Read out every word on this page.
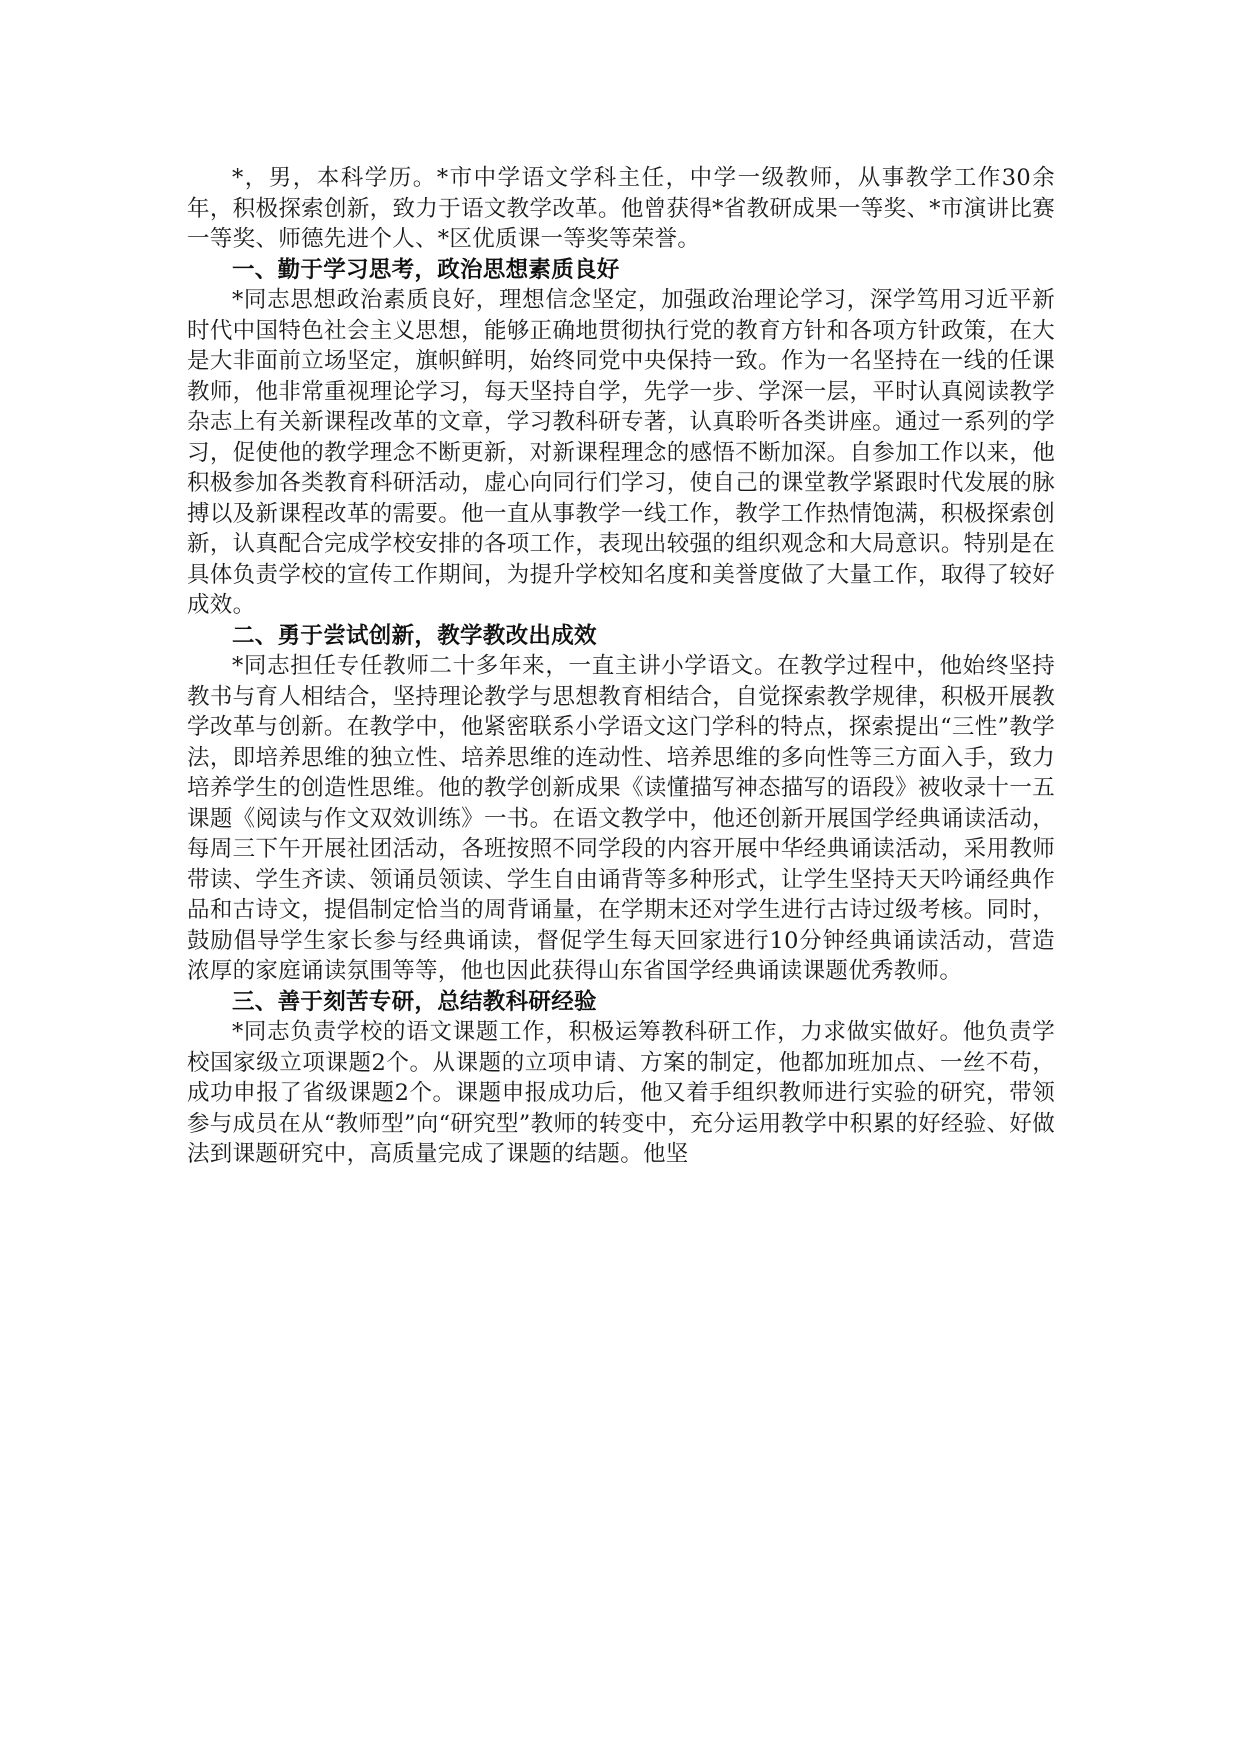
*，男，本科学历。*市中学语文学科主任，中学一级教师，从事教学工作30余年，积极探索创新，致力于语文教学改革。他曾获得*省教研成果一等奖、*市演讲比赛一等奖、师德先进个人、*区优质课一等奖等荣誉。

一、勤于学习思考，政治思想素质良好

*同志思想政治素质良好，理想信念坚定，加强政治理论学习，深学笃用习近平新时代中国特色社会主义思想，能够正确地贯彻执行党的教育方针和各项方针政策，在大是大非面前立场坚定，旗帜鲜明，始终同党中央保持一致。作为一名坚持在一线的任课教师，他非常重视理论学习，每天坚持自学，先学一步、学深一层，平时认真阅读教学杂志上有关新课程改革的文章，学习教科研专著，认真聆听各类讲座。通过一系列的学习，促使他的教学理念不断更新，对新课程理念的感悟不断加深。自参加工作以来，他积极参加各类教育科研活动，虚心向同行们学习，使自己的课堂教学紧跟时代发展的脉搏以及新课程改革的需要。他一直从事教学一线工作，教学工作热情饱满，积极探索创新，认真配合完成学校安排的各项工作，表现出较强的组织观念和大局意识。特别是在具体负责学校的宣传工作期间，为提升学校知名度和美誉度做了大量工作，取得了较好成效。

二、勇于尝试创新，教学教改出成效

*同志担任专任教师二十多年来，一直主讲小学语文。在教学过程中，他始终坚持教书与育人相结合，坚持理论教学与思想教育相结合，自觉探索教学规律，积极开展教学改革与创新。在教学中，他紧密联系小学语文这门学科的特点，探索提出“三性”教学法，即培养思维的独立性、培养思维的连动性、培养思维的多向性等三方面入手，致力培养学生的创造性思维。他的教学创新成果《读懂描写神态描写的语段》被收录十一五课题《阅读与作文双效训练》一书。在语文教学中，他还创新开展国学经典诵读活动，每周三下午开展社团活动，各班按照不同学段的内容开展中华经典诵读活动，采用教师带读、学生齐读、领诵员领读、学生自由诵背等多种形式，让学生坚持天天吟诵经典作品和古诗文，提倡制定恰当的周背诵量，在学期末还对学生进行古诗过级考核。同时，鼓励倡导学生家长参与经典诵读，督促学生每天回家进行10分钟经典诵读活动，营造浓厚的家庭诵读氛围等等，他也因此获得山东省国学经典诵读课题优秀教师。

三、善于刻苦专研，总结教科研经验

*同志负责学校的语文课题工作，积极运筹教科研工作，力求做实做好。他负责学校国家级立项课题2个。从课题的立项申请、方案的制定，他都加班加点、一丝不苟，成功申报了省级课题2个。课题申报成功后，他又着手组织教师进行实验的研究，带领参与成员在从“教师型”向“研究型”教师的转变中，充分运用教学中积累的好经验、好做法到课题研究中，高质量完成了课题的结题。他坚
